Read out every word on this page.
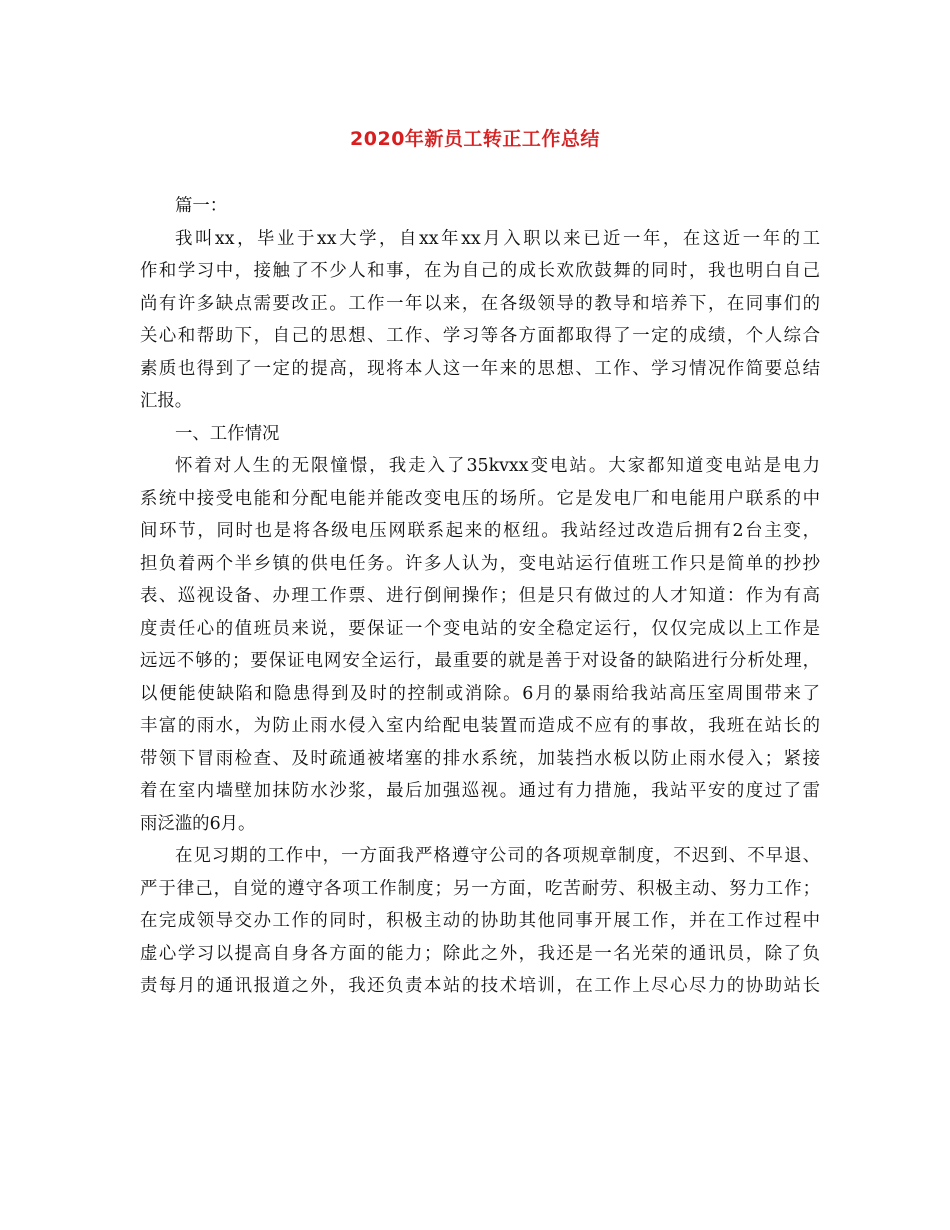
2020年新员工转正工作总结
篇一：
我叫xx，毕业于xx大学，自xx年xx月入职以来已近一年，在这近一年的工
作和学习中，接触了不少人和事，在为自己的成长欢欣鼓舞的同时，我也明白自己
尚有许多缺点需要改正。工作一年以来，在各级领导的教导和培养下，在同事们的
关心和帮助下，自己的思想、工作、学习等各方面都取得了一定的成绩，个人综合
素质也得到了一定的提高，现将本人这一年来的思想、工作、学习情况作简要总结
汇报。
一、工作情况
怀着对人生的无限憧憬，我走入了35kvxx变电站。大家都知道变电站是电力
系统中接受电能和分配电能并能改变电压的场所。它是发电厂和电能用户联系的中
间环节，同时也是将各级电压网联系起来的枢纽。我站经过改造后拥有2台主变，
担负着两个半乡镇的供电任务。许多人认为，变电站运行值班工作只是简单的抄抄
表、巡视设备、办理工作票、进行倒闸操作；但是只有做过的人才知道：作为有高
度责任心的值班员来说，要保证一个变电站的安全稳定运行，仅仅完成以上工作是
远远不够的；要保证电网安全运行，最重要的就是善于对设备的缺陷进行分析处理，
以便能使缺陷和隐患得到及时的控制或消除。6月的暴雨给我站高压室周围带来了
丰富的雨水，为防止雨水侵入室内给配电装置而造成不应有的事故，我班在站长的
带领下冒雨检查、及时疏通被堵塞的排水系统，加装挡水板以防止雨水侵入；紧接
着在室内墙壁加抹防水沙浆，最后加强巡视。通过有力措施，我站平安的度过了雷
雨泛滥的6月。
在见习期的工作中，一方面我严格遵守公司的各项规章制度，不迟到、不早退、
严于律己，自觉的遵守各项工作制度；另一方面，吃苦耐劳、积极主动、努力工作；
在完成领导交办工作的同时，积极主动的协助其他同事开展工作，并在工作过程中
虚心学习以提高自身各方面的能力；除此之外，我还是一名光荣的通讯员，除了负
责每月的通讯报道之外，我还负责本站的技术培训，在工作上尽心尽力的协助站长
